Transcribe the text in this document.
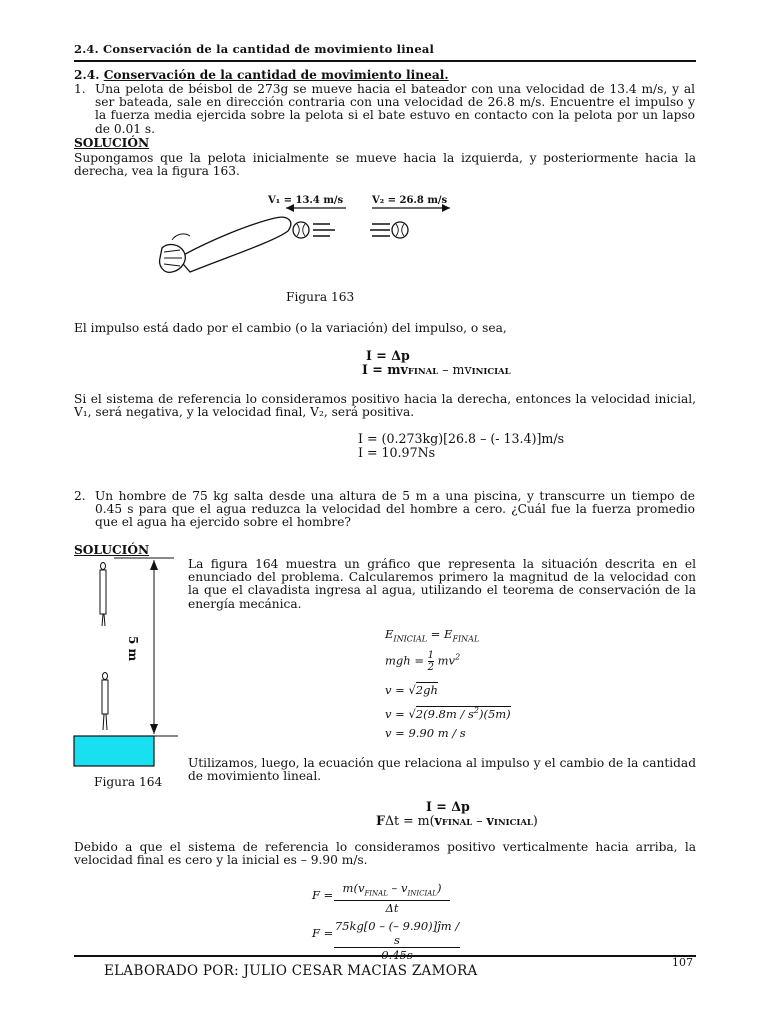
2.4. Conservación de la cantidad de movimiento lineal
2.4. Conservación de la cantidad de movimiento lineal.
1. Una pelota de béisbol de 273g se mueve hacia el bateador con una velocidad de 13.4 m/s, y al ser bateada, sale en dirección contraria con una velocidad de 26.8 m/s. Encuentre el impulso y la fuerza media ejercida sobre la pelota si el bate estuvo en contacto con la pelota por un lapso de 0.01 s.
SOLUCIÓN
Supongamos que la pelota inicialmente se mueve hacia la izquierda, y posteriormente hacia la derecha, vea la figura 163.
V₁ = 13.4 m/s	V₂ = 26.8 m/s
Figura 163
El impulso está dado por el cambio (o la variación) del impulso, o sea,
I = Δp
I = mvFINAL – mvINICIAL
Si el sistema de referencia lo consideramos positivo hacia la derecha, entonces la velocidad inicial, V₁, será negativa, y la velocidad final, V₂, será positiva.
I = (0.273kg)[26.8 – (- 13.4)]m/s
I = 10.97Ns
2. Un hombre de 75 kg salta desde una altura de 5 m a una piscina, y transcurre un tiempo de 0.45 s para que el agua reduzca la velocidad del hombre a cero. ¿Cuál fue la fuerza promedio que el agua ha ejercido sobre el hombre?
SOLUCIÓN
La figura 164 muestra un gráfico que representa la situación descrita en el enunciado del problema. Calcularemos primero la magnitud de la velocidad con la que el clavadista ingresa al agua, utilizando el teorema de conservación de la energía mecánica.
5 m
Figura 164
$E_{INICIAL} = E_{FINAL}$
mgh = $\frac{1}{2} mv^2$
v = √2gh
$v = √2(9.8m / s^2)(5m)$
v = 9.90 m / s
Utilizamos, luego, la ecuación que relaciona al impulso y el cambio de la cantidad de movimiento lineal.
I = Δp
FΔt = m(vFINAL – vINICIAL)
Debido a que el sistema de referencia lo consideramos positivo verticalmente hacia arriba, la velocidad final es cero y la inicial es – 9.90 m/s.
$F = m(v_{FINAL} - v_{INICIAL})$
Δt
F = 75kg[0 – (– 9.90)]ĵm / s
0.45s
107
ELABORADO POR: JULIO CESAR MACIAS ZAMORA
